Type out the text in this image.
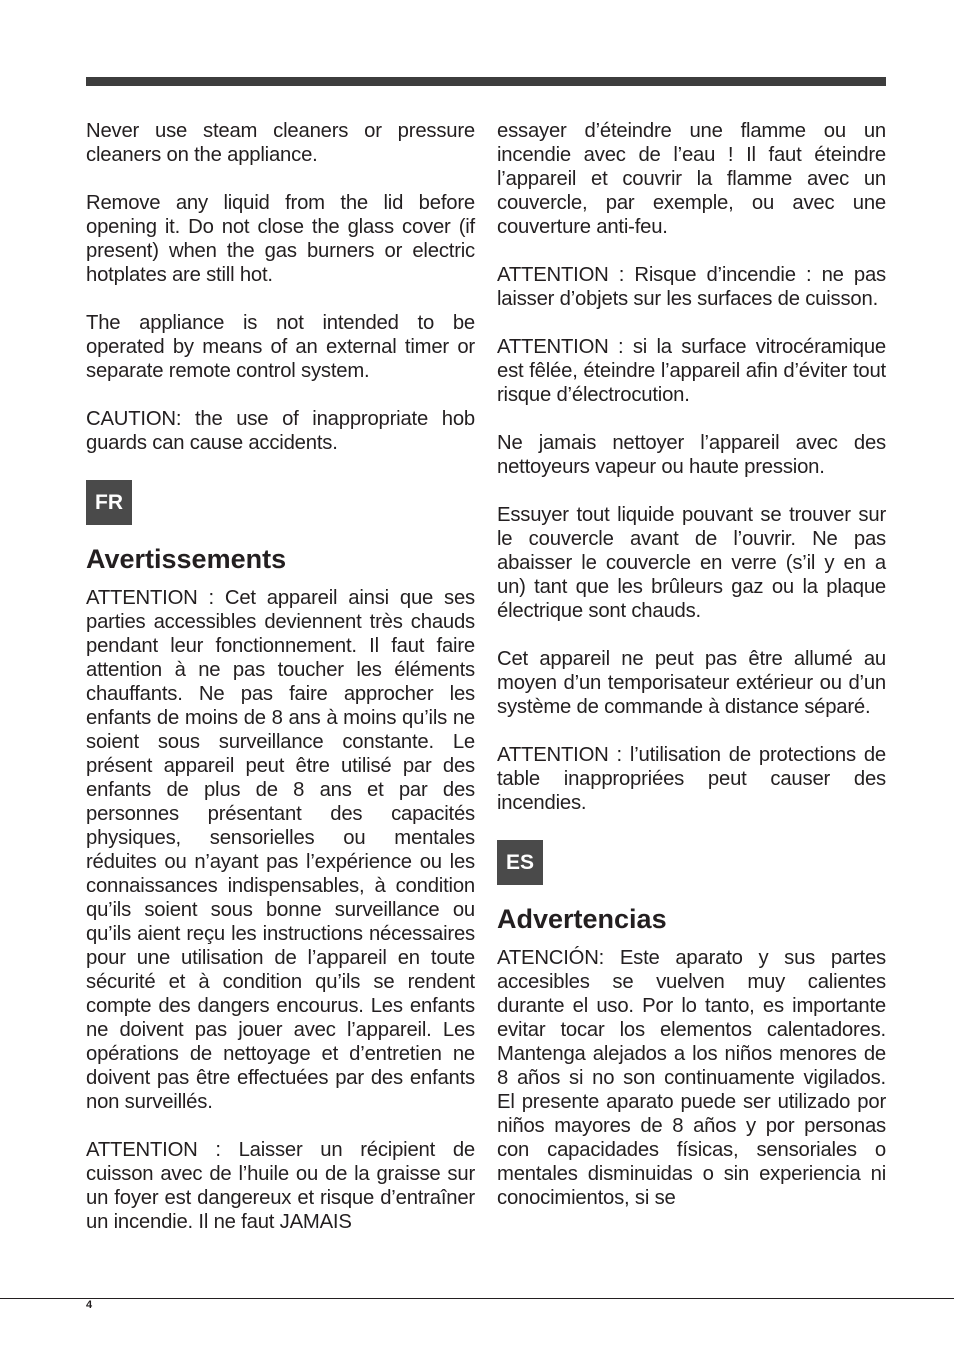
Never use steam cleaners or pressure cleaners on the appliance.

Remove any liquid from the lid before opening it. Do not close the glass cover (if present) when the gas burners or electric hotplates are still hot.

The appliance is not intended to be operated by means of an external timer or separate remote control system.

CAUTION: the use of inappropriate hob guards can cause accidents.

FR
Avertissements

ATTENTION : Cet appareil ainsi que ses parties accessibles deviennent très chauds pendant leur fonctionnement. Il faut faire attention à ne pas toucher les éléments chauffants. Ne pas faire approcher les enfants de moins de 8 ans à moins qu’ils ne soient sous surveillance constante. Le présent appareil peut être utilisé par des enfants de plus de 8 ans et par des personnes présentant des capacités physiques, sensorielles ou mentales réduites ou n’ayant pas l’expérience ou les connaissances indispensables, à condition qu’ils soient sous bonne surveillance ou qu’ils aient reçu les instructions nécessaires pour une utilisation de l’appareil en toute sécurité et à condition qu’ils se rendent compte des dangers encourus. Les enfants ne doivent pas jouer avec l’appareil. Les opérations de nettoyage et d’entretien ne doivent pas être effectuées par des enfants non surveillés.

ATTENTION : Laisser un récipient de cuisson avec de l’huile ou de la graisse sur un foyer est dangereux et risque d’entraîner un incendie. Il ne faut JAMAIS

essayer d’éteindre une flamme ou un incendie avec de l’eau ! Il faut éteindre l’appareil et couvrir la flamme avec un couvercle, par exemple, ou avec une couverture anti-feu.

ATTENTION : Risque d’incendie : ne pas laisser d’objets sur les surfaces de cuisson.

ATTENTION : si la surface vitrocéramique est fêlée, éteindre l’appareil afin d’éviter tout risque d’électrocution.

Ne jamais nettoyer l’appareil avec des nettoyeurs vapeur ou haute pression.

Essuyer tout liquide pouvant se trouver sur le couvercle avant de l’ouvrir. Ne pas abaisser le couvercle en verre (s’il y en a un) tant que les brûleurs gaz ou la plaque électrique sont chauds.

Cet appareil ne peut pas être allumé au moyen d’un temporisateur extérieur ou d’un système de commande à distance séparé.

ATTENTION : l’utilisation de protections de table inappropriées peut causer des incendies.

ES
Advertencias

ATENCIÓN: Este aparato y sus partes accesibles se vuelven muy calientes durante el uso. Por lo tanto, es importante evitar tocar los elementos calentadores. Mantenga alejados a los niños menores de 8 años si no son continuamente vigilados. El presente aparato puede ser utilizado por niños mayores de 8 años y por personas con capacidades físicas, sensoriales o mentales disminuidas o sin experiencia ni conocimientos, si se

4
